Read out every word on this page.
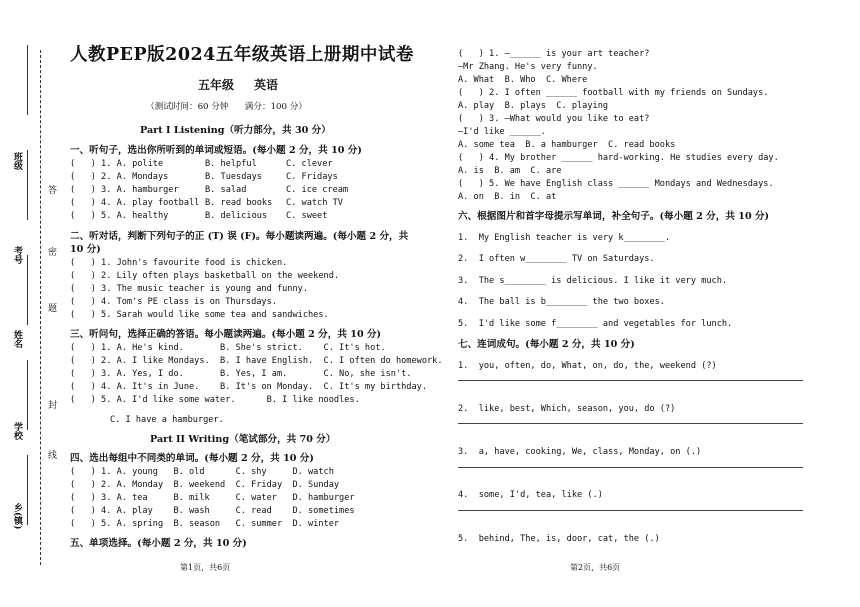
班级
考号
姓名
学校
乡(镇)
答
密
题
封
线
人教PEP版2024五年级英语上册期中试卷
五年级 英语
（测试时间：60 分钟      满分：100 分）
Part I Listening（听力部分，共 30 分）
一、听句子，选出你所听到的单词或短语。(每小题 2 分，共 10 分)
(   ) 1. A. polite	B. helpful	C. clever
(   ) 2. A. Mondays	B. Tuesdays	C. Fridays
(   ) 3. A. hamburger	B. salad	C. ice cream
(   ) 4. A. play football B. read books C. watch TV
(   ) 5. A. healthy	B. delicious C. sweet
二、听对话，判断下列句子的正 (T) 误 (F)。每小题读两遍。(每小题 2 分，共
10 分)
(   ) 1. John's favourite food is chicken.
(   ) 2. Lily often plays basketball on the weekend.
(   ) 3. The music teacher is young and funny.
(   ) 4. Tom's PE class is on Thursdays.
(   ) 5. Sarah would like some tea and sandwiches.
三、听问句，选择正确的答语。每小题读两遍。(每小题 2 分，共 10 分)
(   ) 1. A. He's kind.       B. She's strict.    C. It's hot.
(   ) 2. A. I like Mondays.  B. I have English.  C. I often do homework.
(   ) 3. A. Yes, I do.       B. Yes, I am.       C. No, she isn't.
(   ) 4. A. It's in June.    B. It's on Monday.  C. It's my birthday.
(   ) 5. A. I'd like some water.      B. I like noodles.
C. I have a hamburger.
Part II Writing（笔试部分，共 70 分）
四、选出每组中不同类的单词。(每小题 2 分，共 10 分)
(   ) 1. A. young   B. old      C. shy     D. watch
(   ) 2. A. Monday  B. weekend  C. Friday  D. Sunday
(   ) 3. A. tea     B. milk     C. water   D. hamburger
(   ) 4. A. play    B. wash     C. read    D. sometimes
(   ) 5. A. spring  B. season   C. summer  D. winter
五、单项选择。(每小题 2 分，共 10 分)
第1页，共6页
(   ) 1. —______ is your art teacher?
—Mr Zhang. He's very funny.
A. What  B. Who  C. Where
(   ) 2. I often ______ football with my friends on Sundays.
A. play  B. plays  C. playing
(   ) 3. —What would you like to eat?
—I'd like ______.
A. some tea  B. a hamburger  C. read books
(   ) 4. My brother ______ hard-working. He studies every day.
A. is  B. am  C. are
(   ) 5. We have English class ______ Mondays and Wednesdays.
A. on  B. in  C. at
六、根据图片和首字母提示写单词，补全句子。(每小题 2 分，共 10 分)
1.  My English teacher is very k________.
2.  I often w________ TV on Saturdays.
3.  The s________ is delicious. I like it very much.
4.  The ball is b________ the two boxes.
5.  I'd like some f________ and vegetables for lunch.
七、连词成句。(每小题 2 分，共 10 分)
1.  you, often, do, What, on, do, the, weekend (?)
2.  like, best, Which, season, you, do (?)
3.  a, have, cooking, We, class, Monday, on (.)
4.  some, I'd, tea, like (.)
5.  behind, The, is, door, cat, the (.)
第2页，共6页
